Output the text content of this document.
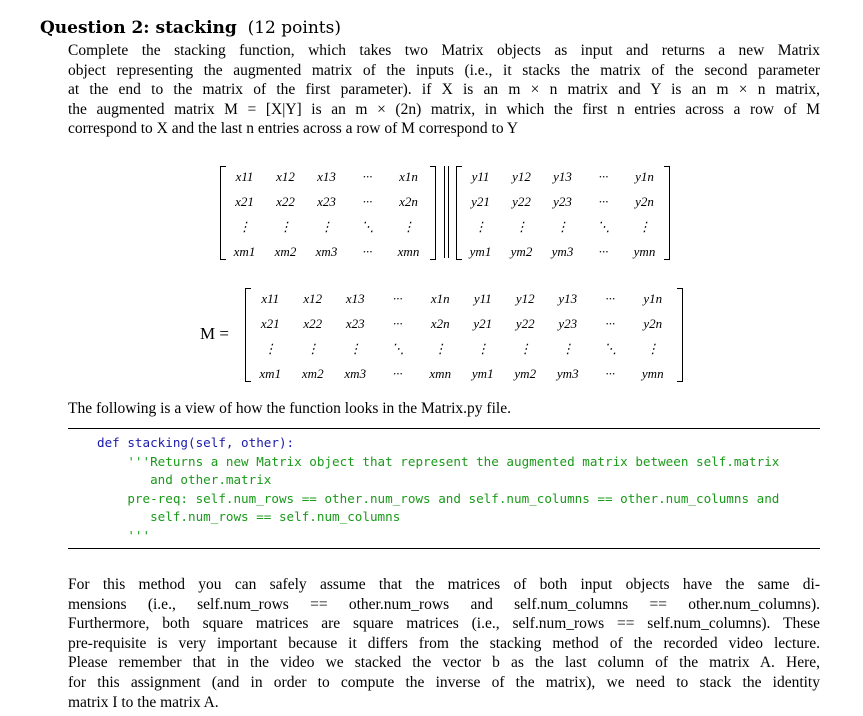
Question 2: stacking (12 points)
Complete the stacking function, which takes two Matrix objects as input and returns a new Matrix
object representing the augmented matrix of the inputs (i.e., it stacks the matrix of the second parameter
at the end to the matrix of the first parameter). if X is an m × n matrix and Y is an m × n matrix,
the augmented matrix M = [X|Y] is an m × (2n) matrix, in which the first n entries across a row of M
correspond to X and the last n entries across a row of M correspond to Y
x11	x12	x13	···	x1n
x21	x22	x23	···	x2n
⋮	⋮	⋮	⋱	⋮
xm1	xm2	xm3	···	xmn
y11	y12	y13	···	y1n
y21	y22	y23	···	y2n
⋮	⋮	⋮	⋱	⋮
ym1	ym2	ym3	···	ymn
M =
x11	x12	x13	···	x1n	y11	y12	y13	···	y1n
x21	x22	x23	···	x2n	y21	y22	y23	···	y2n
⋮	⋮	⋮	⋱	⋮	⋮	⋮	⋮	⋱	⋮
xm1	xm2	xm3	···	xmn	ym1	ym2	ym3	···	ymn
The following is a view of how the function looks in the Matrix.py file.
def stacking(self, other):
'''Returns a new Matrix object that represent the augmented matrix between self.matrix
and other.matrix
pre-req: self.num_rows == other.num_rows and self.num_columns == other.num_columns and
self.num_rows == self.num_columns
'''
For this method you can safely assume that the matrices of both input objects have the same di-
mensions (i.e., self.num_rows == other.num_rows and self.num_columns == other.num_columns).
Furthermore, both square matrices are square matrices (i.e., self.num_rows == self.num_columns). These
pre-requisite is very important because it differs from the stacking method of the recorded video lecture.
Please remember that in the video we stacked the vector b as the last column of the matrix A. Here,
for this assignment (and in order to compute the inverse of the matrix), we need to stack the identity
matrix I to the matrix A.
